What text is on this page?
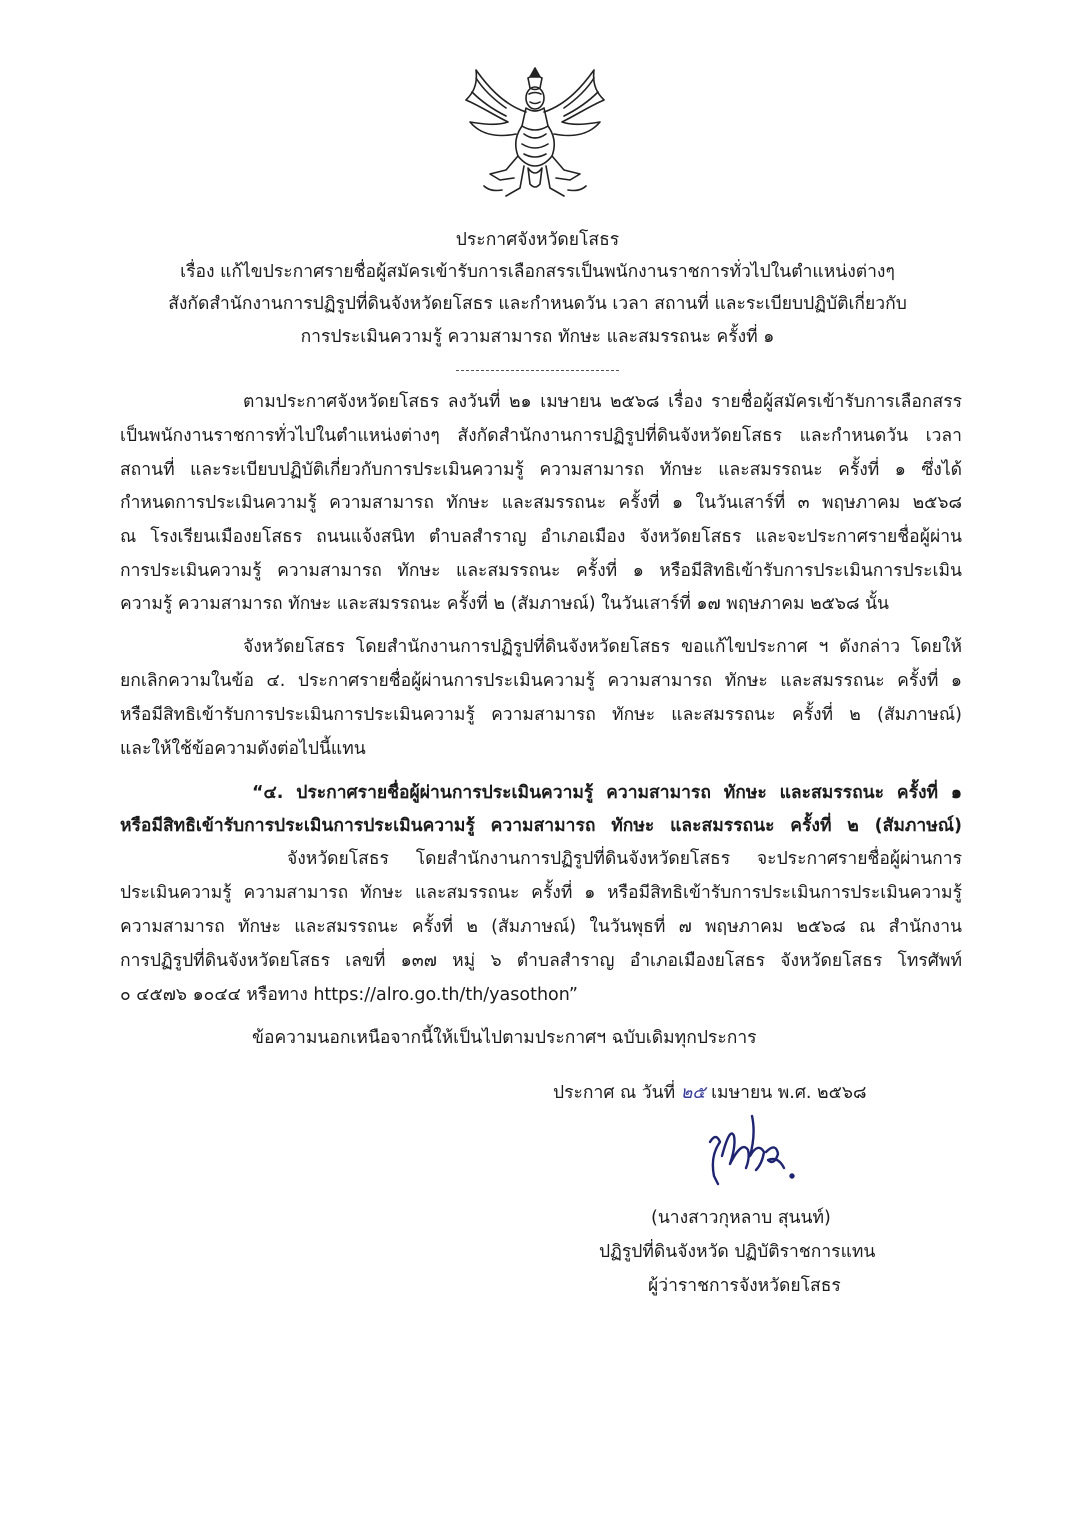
ประกาศจังหวัดยโสธร
เรื่อง แก้ไขประกาศรายชื่อผู้สมัครเข้ารับการเลือกสรรเป็นพนักงานราชการทั่วไปในตำแหน่งต่างๆ
สังกัดสำนักงานการปฏิรูปที่ดินจังหวัดยโสธร และกำหนดวัน เวลา สถานที่ และระเบียบปฏิบัติเกี่ยวกับ
การประเมินความรู้ ความสามารถ ทักษะ และสมรรถนะ ครั้งที่ ๑
ตามประกาศจังหวัดยโสธร ลงวันที่ ๒๑ เมษายน ๒๕๖๘ เรื่อง รายชื่อผู้สมัครเข้ารับการเลือกสรร
เป็นพนักงานราชการทั่วไปในตำแหน่งต่างๆ สังกัดสำนักงานการปฏิรูปที่ดินจังหวัดยโสธร และกำหนดวัน เวลา
สถานที่ และระเบียบปฏิบัติเกี่ยวกับการประเมินความรู้ ความสามารถ ทักษะ และสมรรถนะ ครั้งที่ ๑ ซึ่งได้
กำหนดการประเมินความรู้ ความสามารถ ทักษะ และสมรรถนะ ครั้งที่ ๑ ในวันเสาร์ที่ ๓ พฤษภาคม ๒๕๖๘
ณ โรงเรียนเมืองยโสธร ถนนแจ้งสนิท ตำบลสำราญ อำเภอเมือง จังหวัดยโสธร และจะประกาศรายชื่อผู้ผ่าน
การประเมินความรู้ ความสามารถ ทักษะ และสมรรถนะ ครั้งที่ ๑ หรือมีสิทธิเข้ารับการประเมินการประเมิน
ความรู้ ความสามารถ ทักษะ และสมรรถนะ ครั้งที่ ๒ (สัมภาษณ์) ในวันเสาร์ที่ ๑๗ พฤษภาคม ๒๕๖๘ นั้น
จังหวัดยโสธร โดยสำนักงานการปฏิรูปที่ดินจังหวัดยโสธร ขอแก้ไขประกาศ ฯ ดังกล่าว โดยให้
ยกเลิกความในข้อ ๔. ประกาศรายชื่อผู้ผ่านการประเมินความรู้ ความสามารถ ทักษะ และสมรรถนะ ครั้งที่ ๑
หรือมีสิทธิเข้ารับการประเมินการประเมินความรู้ ความสามารถ ทักษะ และสมรรถนะ ครั้งที่ ๒ (สัมภาษณ์)
และให้ใช้ข้อความดังต่อไปนี้แทน
“๔. ประกาศรายชื่อผู้ผ่านการประเมินความรู้ ความสามารถ ทักษะ และสมรรถนะ ครั้งที่ ๑
หรือมีสิทธิเข้ารับการประเมินการประเมินความรู้ ความสามารถ ทักษะ และสมรรถนะ ครั้งที่ ๒ (สัมภาษณ์)
จังหวัดยโสธร โดยสำนักงานการปฏิรูปที่ดินจังหวัดยโสธร จะประกาศรายชื่อผู้ผ่านการ
ประเมินความรู้ ความสามารถ ทักษะ และสมรรถนะ ครั้งที่ ๑ หรือมีสิทธิเข้ารับการประเมินการประเมินความรู้
ความสามารถ ทักษะ และสมรรถนะ ครั้งที่ ๒ (สัมภาษณ์) ในวันพุธที่ ๗ พฤษภาคม ๒๕๖๘ ณ สำนักงาน
การปฏิรูปที่ดินจังหวัดยโสธร เลขที่ ๑๓๗ หมู่ ๖ ตำบลสำราญ อำเภอเมืองยโสธร จังหวัดยโสธร โทรศัพท์
๐ ๔๕๗๖ ๑๐๔๔ หรือทาง https://alro.go.th/th/yasothon”
ข้อความนอกเหนือจากนี้ให้เป็นไปตามประกาศฯ ฉบับเดิมทุกประการ
ประกาศ ณ วันที่ ๒๕ เมษายน พ.ศ. ๒๕๖๘
(นางสาวกุหลาบ สุนนท์)
ปฏิรูปที่ดินจังหวัด ปฏิบัติราชการแทน
ผู้ว่าราชการจังหวัดยโสธร
